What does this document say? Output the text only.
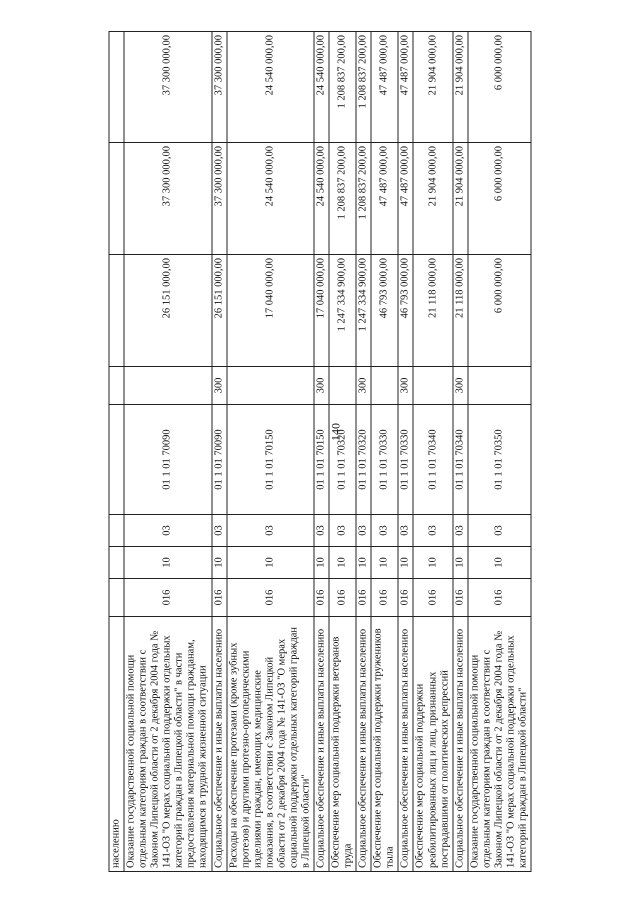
140
населению								
Оказание государственной социальной помощи отдельным категориям граждан в соответствии с Законом Липецкой области от 2 декабря 2004 года № 141-ОЗ "О мерах социальной поддержки отдельных категорий граждан в Липецкой области" в части предоставления материальной помощи гражданам, находящимся в трудной жизненной ситуации	016	10	03	01 1 01 70090		26 151 000,00	37 300 000,00	37 300 000,00
Социальное обеспечение и иные выплаты населению	016	10	03	01 1 01 70090	300	26 151 000,00	37 300 000,00	37 300 000,00
Расходы на обеспечение протезами (кроме зубных протезов) и другими протезно-ортопедическими изделиями граждан, имеющих медицинские показания, в соответствии с Законом Липецкой области от 2 декабря 2004 года № 141-ОЗ "О мерах социальной поддержки отдельных категорий граждан в Липецкой области"	016	10	03	01 1 01 70150		17 040 000,00	24 540 000,00	24 540 000,00
Социальное обеспечение и иные выплаты населению	016	10	03	01 1 01 70150	300	17 040 000,00	24 540 000,00	24 540 000,00
Обеспечение мер социальной поддержки ветеранов труда	016	10	03	01 1 01 70320		1 247 334 900,00	1 208 837 200,00	1 208 837 200,00
Социальное обеспечение и иные выплаты населению	016	10	03	01 1 01 70320	300	1 247 334 900,00	1 208 837 200,00	1 208 837 200,00
Обеспечение мер социальной поддержки тружеников тыла	016	10	03	01 1 01 70330		46 793 000,00	47 487 000,00	47 487 000,00
Социальное обеспечение и иные выплаты населению	016	10	03	01 1 01 70330	300	46 793 000,00	47 487 000,00	47 487 000,00
Обеспечение мер социальной поддержки реабилитированных лиц и лиц, признанных пострадавшими от политических репрессий	016	10	03	01 1 01 70340		21 118 000,00	21 904 000,00	21 904 000,00
Социальное обеспечение и иные выплаты населению	016	10	03	01 1 01 70340	300	21 118 000,00	21 904 000,00	21 904 000,00
Оказание государственной социальной помощи отдельным категориям граждан в соответствии с Законом Липецкой области от 2 декабря 2004 года № 141-ОЗ "О мерах социальной поддержки отдельных категорий граждан в Липецкой области"	016	10	03	01 1 01 70350		6 000 000,00	6 000 000,00	6 000 000,00
